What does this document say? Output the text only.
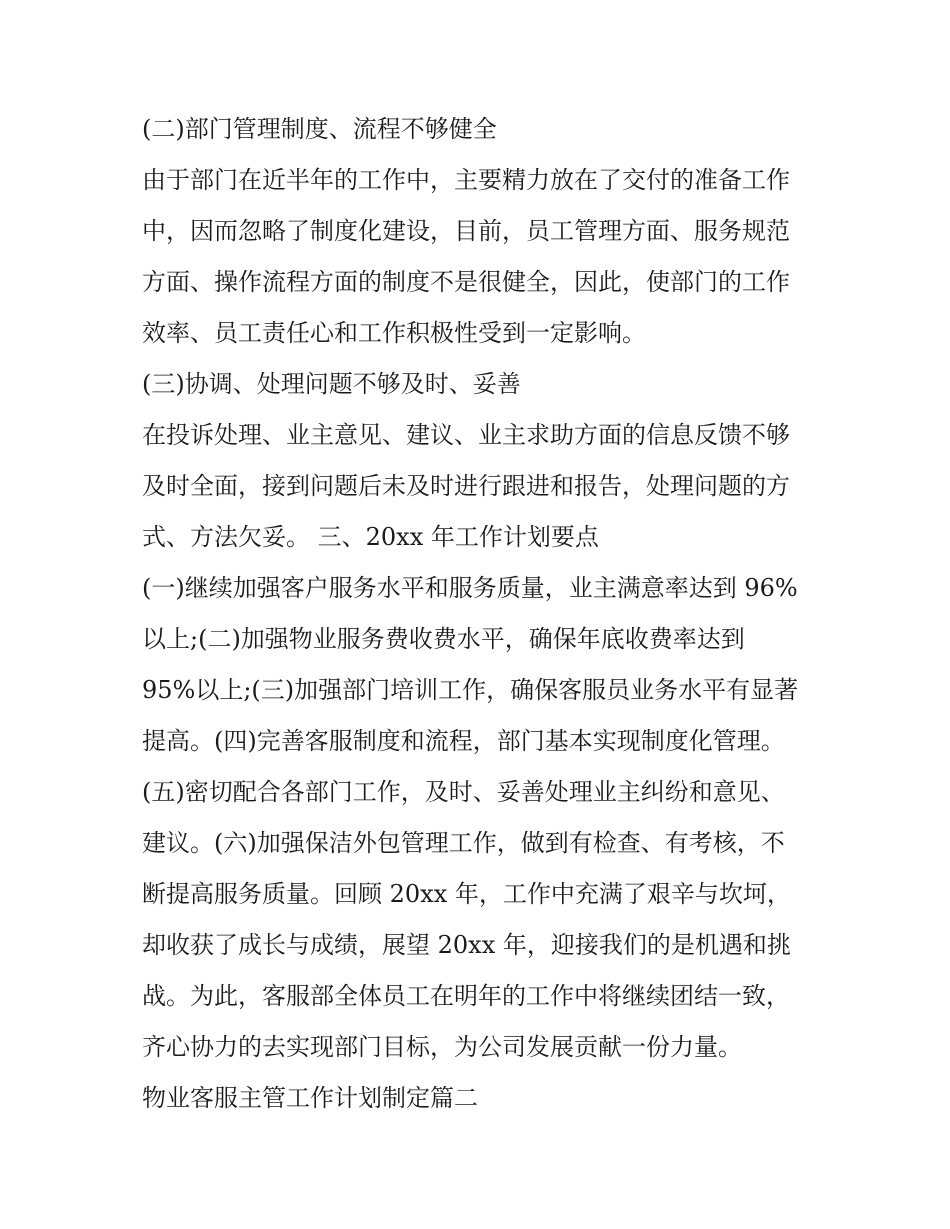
(二)部门管理制度、流程不够健全

由于部门在近半年的工作中，主要精力放在了交付的准备工作

中，因而忽略了制度化建设，目前，员工管理方面、服务规范

方面、操作流程方面的制度不是很健全，因此，使部门的工作

效率、员工责任心和工作积极性受到一定影响。

(三)协调、处理问题不够及时、妥善

在投诉处理、业主意见、建议、业主求助方面的信息反馈不够

及时全面，接到问题后未及时进行跟进和报告，处理问题的方

式、方法欠妥。 三、20xx 年工作计划要点

(一)继续加强客户服务水平和服务质量，业主满意率达到 96%

以上;(二)加强物业服务费收费水平，确保年底收费率达到

95%以上;(三)加强部门培训工作，确保客服员业务水平有显著

提高。(四)完善客服制度和流程，部门基本实现制度化管理。

(五)密切配合各部门工作，及时、妥善处理业主纠纷和意见、

建议。(六)加强保洁外包管理工作，做到有检查、有考核，不

断提高服务质量。回顾 20xx 年，工作中充满了艰辛与坎坷，

却收获了成长与成绩，展望 20xx 年，迎接我们的是机遇和挑

战。为此，客服部全体员工在明年的工作中将继续团结一致，

齐心协力的去实现部门目标，为公司发展贡献一份力量。

物业客服主管工作计划制定篇二
